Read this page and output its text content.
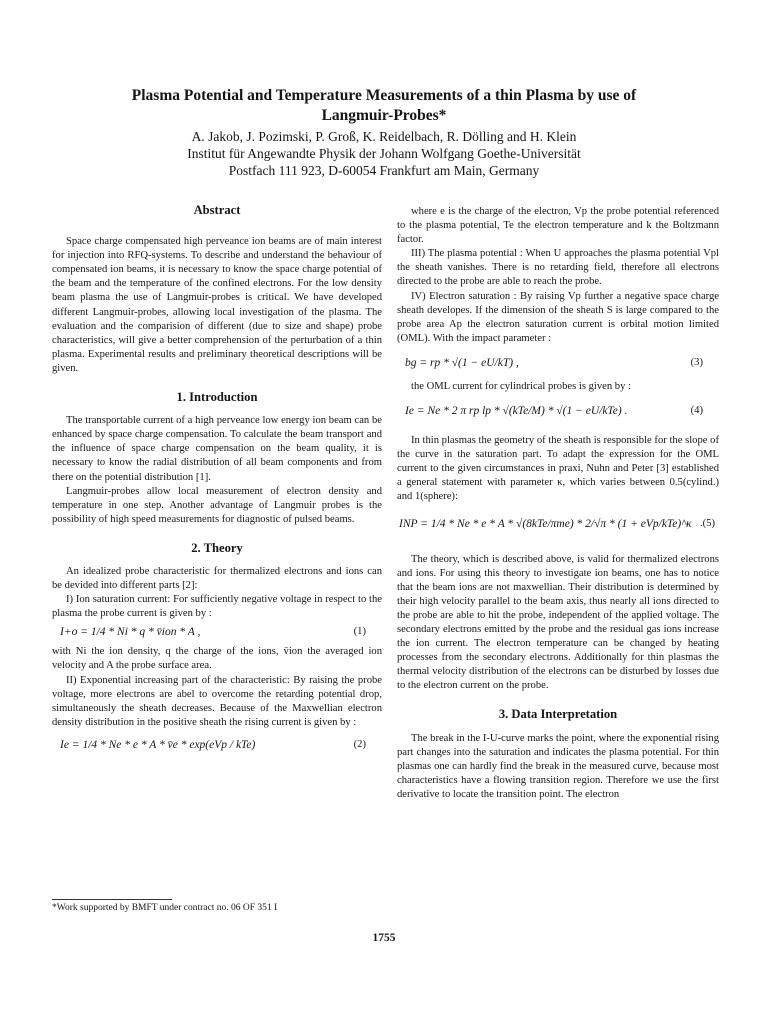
Plasma Potential and Temperature Measurements of a thin Plasma by use of
Langmuir-Probes*

A. Jakob, J. Pozimski, P. Groß, K. Reidelbach, R. Dölling and H. Klein

Institut für Angewandte Physik der Johann Wolfgang Goethe-Universität

Postfach 111 923, D-60054 Frankfurt am Main, Germany

Abstract

Space charge compensated high perveance ion beams are of main interest for injection into RFQ-systems. To describe and understand the behaviour of compensated ion beams, it is necessary to know the space charge potential of the beam and the temperature of the confined electrons. For the low density beam plasma the use of Langmuir-probes is critical. We have developed different Langmuir-probes, allowing local investigation of the plasma. The evaluation and the comparision of different (due to size and shape) probe characteristics, will give a better comprehension of the perturbation of a thin plasma. Experimental results and preliminary theoretical descriptions will be given.

1. Introduction

The transportable current of a high perveance low energy ion beam can be enhanced by space charge compensation. To calculate the beam transport and the influence of space charge compensation on the beam quality, it is necessary to know the radial distribution of all beam components and from there on the potential distribution [1].

Langmuir-probes allow local measurement of electron density and temperature in one step. Another advantage of Langmuir probes is the possibility of high speed measurements for diagnostic of pulsed beams.

2. Theory

An idealized probe characteristic for thermalized electrons and ions can be devided into different parts [2]:

I) Ion saturation current: For sufficiently negative voltage in respect to the plasma the probe current is given by :

I+o = 1/4 * Ni * q * v̄ion * A ,	(1)

with Ni the ion density, q the charge of the ions, v̄ion the averaged ion velocity and A the probe surface area.

II) Exponential increasing part of the characteristic: By raising the probe voltage, more electrons are abel to overcome the retarding potential drop, simultaneously the sheath decreases. Because of the Maxwellian electron density distribution in the positive sheath the rising current is given by :

Ie = 1/4 * Ne * e * A * v̄e * exp(eVp / kTe)	(2)
*Work supported by BMFT under contract no. 06 OF 351 I

where e is the charge of the electron, Vp the probe potential referenced to the plasma potential, Te the electron temperature and k the Boltzmann factor.

III) The plasma potential : When U approaches the plasma potential Vpl the sheath vanishes. There is no retarding field, therefore all electrons directed to the probe are able to reach the probe.

IV) Electron saturation : By raising Vp further a negative space charge sheath developes. If the dimension of the sheath S is large compared to the probe area Ap the electron saturation current is orbital motion limited (OML). With the impact parameter :

bg = rp * √(1 − eU/kT) ,	(3)

the OML current for cylindrical probes is given by :

Ie = Ne * 2 π rp lp * √(kTe/M) * √(1 − eU/kTe) .	(4)

In thin plasmas the geometry of the sheath is responsible for the slope of the curve in the saturation part. To adapt the expression for the OML current to the given circumstances in praxi, Nuhn and Peter [3] established a general statement with parameter κ, which varies between 0.5(cylind.) and 1(sphere):

INP = 1/4 * Ne * e * A * √(8kTe/πme) * 2/√π * (1 + eVp/kTe)^κ .(5)

The theory, which is described above, is valid for thermalized electrons and ions. For using this theory to investigate ion beams, one has to notice that the beam ions are not maxwellian. Their distribution is determined by their high velocity parallel to the beam axis, thus nearly all ions directed to the probe are able to hit the probe, independent of the applied voltage. The secondary electrons emitted by the probe and the residual gas ions increase the ion current. The electron temperature can be changed by heating processes from the secondary electrons. Additionally for thin plasmas the thermal velocity distribution of the electrons can be disturbed by losses due to the electron current on the probe.

3. Data Interpretation

The break in the I-U-curve marks the point, where the exponential rising part changes into the saturation and indicates the plasma potential. For thin plasmas one can hardly find the break in the measured curve, because most characteristics have a flowing transition region. Therefore we use the first derivative to locate the transition point. The electron

1755
